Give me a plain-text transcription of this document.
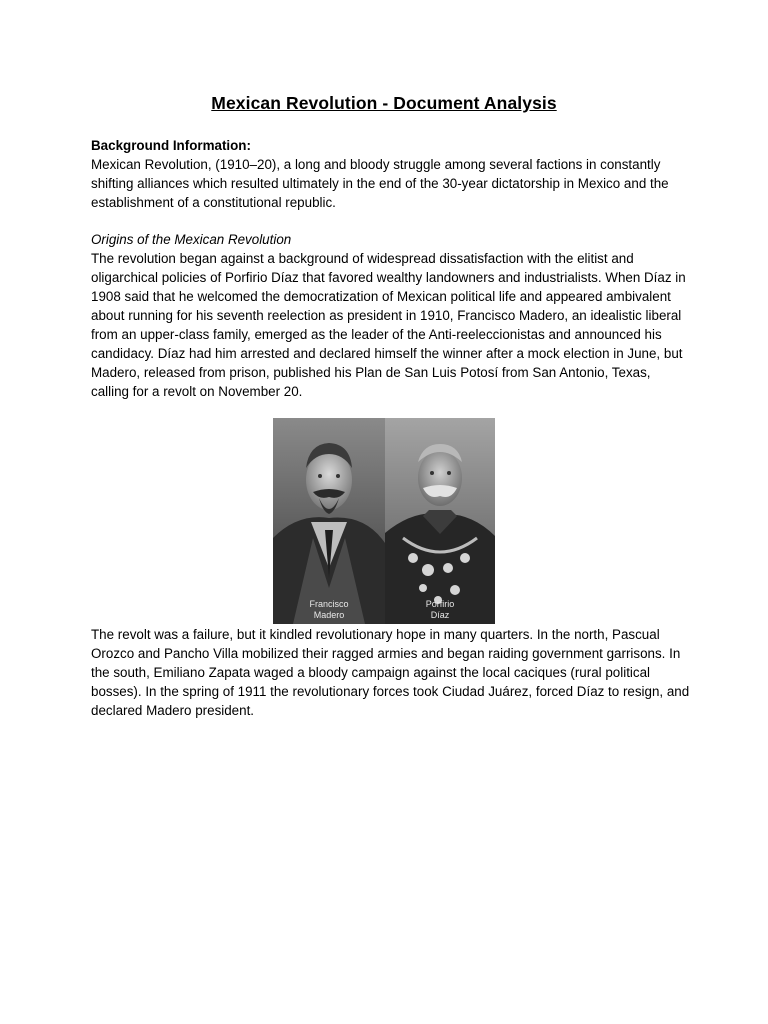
Mexican Revolution - Document Analysis
Background Information:

Mexican Revolution, (1910–20), a long and bloody struggle among several factions in constantly shifting alliances which resulted ultimately in the end of the 30-year dictatorship in Mexico and the establishment of a constitutional republic.

Origins of the Mexican Revolution

The revolution began against a background of widespread dissatisfaction with the elitist and oligarchical policies of Porfirio Díaz that favored wealthy landowners and industrialists. When Díaz in 1908 said that he welcomed the democratization of Mexican political life and appeared ambivalent about running for his seventh reelection as president in 1910, Francisco Madero, an idealistic liberal from an upper-class family, emerged as the leader of the Anti-reeleccionistas and announced his candidacy. Díaz had him arrested and declared himself the winner after a mock election in June, but Madero, released from prison, published his Plan de San Luis Potosí from San Antonio, Texas, calling for a revolt on November 20.

Francisco
Madero
Porfirio
Díaz

The revolt was a failure, but it kindled revolutionary hope in many quarters. In the north, Pascual Orozco and Pancho Villa mobilized their ragged armies and began raiding government garrisons. In the south, Emiliano Zapata waged a bloody campaign against the local caciques (rural political bosses). In the spring of 1911 the revolutionary forces took Ciudad Juárez, forced Díaz to resign, and declared Madero president.
